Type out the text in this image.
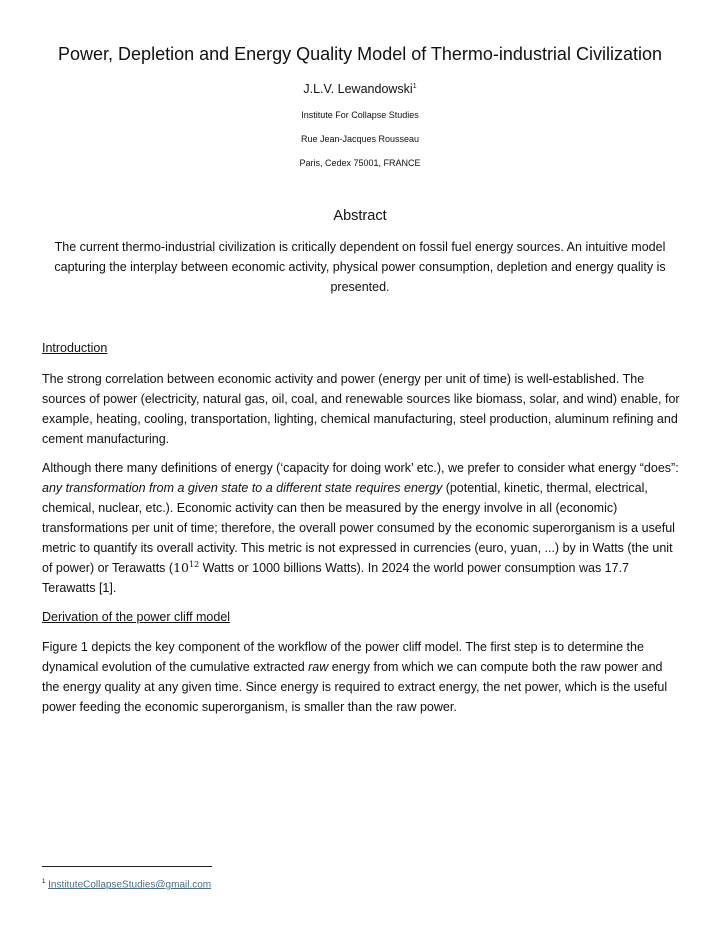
Power, Depletion and Energy Quality Model of Thermo-industrial Civilization
J.L.V. Lewandowski$^1$
Institute For Collapse Studies
Rue Jean-Jacques Rousseau
Paris, Cedex 75001, FRANCE
Abstract

The current thermo-industrial civilization is critically dependent on fossil fuel energy sources. An intuitive model capturing the interplay between economic activity, physical power consumption, depletion and energy quality is presented.

Introduction

The strong correlation between economic activity and power (energy per unit of time) is well-established. The sources of power (electricity, natural gas, oil, coal, and renewable sources like biomass, solar, and wind) enable, for example, heating, cooling, transportation, lighting, chemical manufacturing, steel production, aluminum refining and cement manufacturing.

Although there many definitions of energy (‘capacity for doing work’ etc.), we prefer to consider what energy “does”: any transformation from a given state to a different state requires energy (potential, kinetic, thermal, electrical, chemical, nuclear, etc.). Economic activity can then be measured by the energy involve in all (economic) transformations per unit of time; therefore, the overall power consumed by the economic superorganism is a useful metric to quantify its overall activity. This metric is not expressed in currencies (euro, yuan, ...) by in Watts (the unit of power) or Terawatts ($10^{12}$ Watts or 1000 billions Watts). In 2024 the world power consumption was 17.7 Terawatts [1].

Derivation of the power cliff model

Figure 1 depicts the key component of the workflow of the power cliff model. The first step is to determine the dynamical evolution of the cumulative extracted raw energy from which we can compute both the raw power and the energy quality at any given time. Since energy is required to extract energy, the net power, which is the useful power feeding the economic superorganism, is smaller than the raw power.

$^1$ InstituteCollapseStudies@gmail.com
